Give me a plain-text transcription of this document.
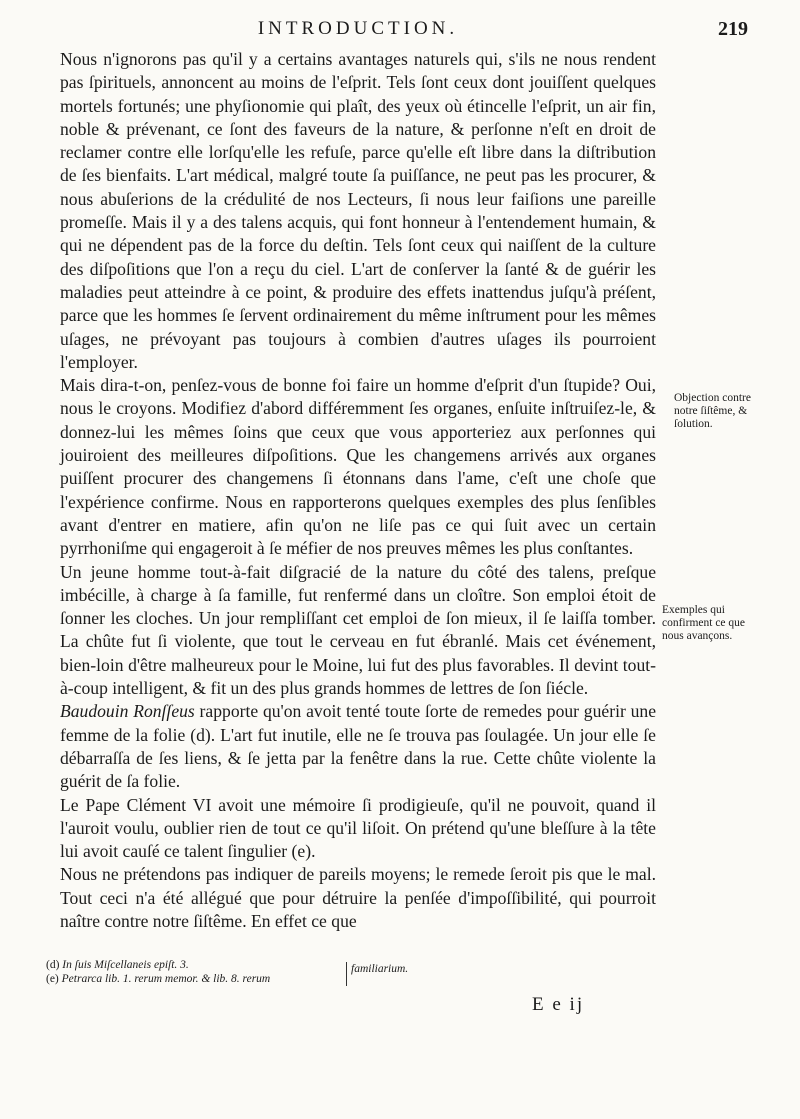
INTRODUCTION.	219

Nous n'ignorons pas qu'il y a certains avantages naturels qui, s'ils ne nous rendent pas ſpirituels, annoncent au moins de l'eſprit. Tels ſont ceux dont jouiſſent quelques mortels fortunés; une phyſionomie qui plaît, des yeux où étincelle l'eſprit, un air fin, noble & prévenant, ce ſont des faveurs de la nature, & perſonne n'eſt en droit de reclamer contre elle lorſqu'elle les refuſe, parce qu'elle eſt libre dans la diſtribution de ſes bienfaits. L'art médical, malgré toute ſa puiſſance, ne peut pas les procurer, & nous abuſerions de la crédulité de nos Lecteurs, ſi nous leur faiſions une pareille promeſſe. Mais il y a des talens acquis, qui font honneur à l'entendement humain, & qui ne dépendent pas de la force du deſtin. Tels ſont ceux qui naiſſent de la culture des diſpoſitions que l'on a reçu du ciel. L'art de conſerver la ſanté & de guérir les maladies peut atteindre à ce point, & produire des effets inattendus juſqu'à préſent, parce que les hommes ſe ſervent ordinairement du même inſtrument pour les mêmes uſages, ne prévoyant pas toujours à combien d'autres uſages ils pourroient l'employer.

Mais dira-t-on, penſez-vous de bonne foi faire un homme d'eſprit d'un ſtupide? Oui, nous le croyons. Modifiez d'abord différemment ſes organes, enſuite inſtruiſez-le, & donnez-lui les mêmes ſoins que ceux que vous apporteriez aux perſonnes qui jouiroient des meilleures diſpoſitions. Que les changemens arrivés aux organes puiſſent procurer des changemens ſi étonnans dans l'ame, c'eſt une choſe que l'expérience confirme. Nous en rapporterons quelques exemples des plus ſenſibles avant d'entrer en matiere, afin qu'on ne liſe pas ce qui ſuit avec un certain pyrrhoniſme qui engageroit à ſe méfier de nos preuves mêmes les plus conſtantes.

Un jeune homme tout-à-fait diſgracié de la nature du côté des talens, preſque imbécille, à charge à ſa famille, fut renfermé dans un cloître. Son emploi étoit de ſonner les cloches. Un jour rempliſſant cet emploi de ſon mieux, il ſe laiſſa tomber. La chûte fut ſi violente, que tout le cerveau en fut ébranlé. Mais cet événement, bien-loin d'être malheureux pour le Moine, lui fut des plus favorables. Il devint tout-à-coup intelligent, & fit un des plus grands hommes de lettres de ſon ſiécle.

Baudouin Ronſſeus rapporte qu'on avoit tenté toute ſorte de remedes pour guérir une femme de la folie (d). L'art fut inutile, elle ne ſe trouva pas ſoulagée. Un jour elle ſe débarraſſa de ſes liens, & ſe jetta par la fenêtre dans la rue. Cette chûte violente la guérit de ſa folie.

Le Pape Clément VI avoit une mémoire ſi prodigieuſe, qu'il ne pouvoit, quand il l'auroit voulu, oublier rien de tout ce qu'il liſoit. On prétend qu'une bleſſure à la tête lui avoit cauſé ce talent ſingulier (e).

Nous ne prétendons pas indiquer de pareils moyens; le remede ſeroit pis que le mal. Tout ceci n'a été allégué que pour détruire la penſée d'impoſſibilité, qui pourroit naître contre notre ſiſtême. En effet ce que

Objection contre notre ſiſtême, & ſolution.
Exemples qui confirment ce que nous avançons.
(d) In ſuis Miſcellaneis epiſt. 3.
(e) Petrarca lib. 1. rerum memor. & lib. 8. rerum
familiarium.
E e ij
